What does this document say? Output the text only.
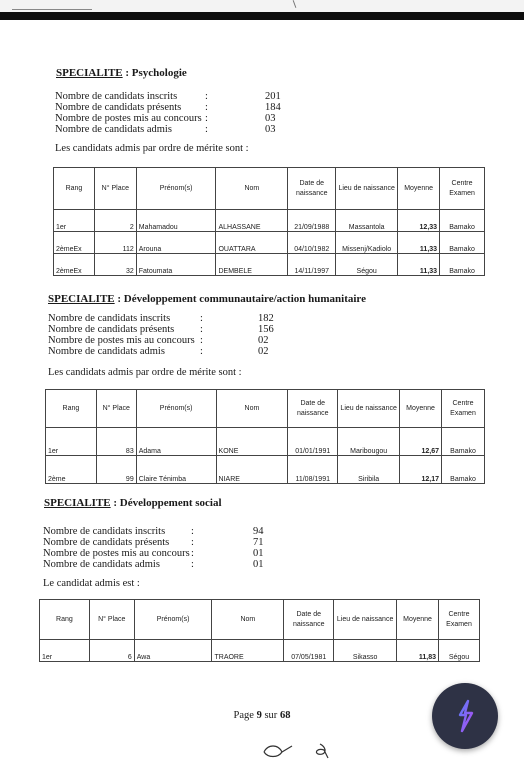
SPECIALITE : Psychologie
Nombre de candidats inscrits	:	201
Nombre de candidats présents :	184
Nombre de postes mis au concours :	03
Nombre de candidats admis	:	03
Les candidats admis par ordre de mérite sont :
Rang	N° Place	Prénom(s)	Nom	Date de naissance	Lieu de naissance	Moyenne	Centre Examen
1er	2	Mahamadou	ALHASSANE	21/09/1988	Massantola	12,33	Bamako
2èmeEx	112	Arouna	OUATTARA	04/10/1982	Missenj/Kadiolo	11,33	Bamako
2èmeEx	32	Fatoumata	DEMBELE	14/11/1997	Ségou	11,33	Bamako
SPECIALITE : Développement communautaire/action humanitaire
Nombre de candidats inscrits	:	182
Nombre de candidats présents :	156
Nombre de postes mis au concours :	02
Nombre de candidats admis	:	02
Les candidats admis par ordre de mérite sont :
Rang	N° Place	Prénom(s)	Nom	Date de naissance	Lieu de naissance	Moyenne	Centre Examen
1er	83	Adama	KONE	01/01/1991	Maribougou	12,67	Bamako
2ème	99	Claire Ténimba	NIARE	11/08/1991	Siribila	12,17	Bamako
SPECIALITE : Développement social
Nombre de candidats inscrits :	94
Nombre de candidats présents :	71
Nombre de postes mis au concours :	01
Nombre de candidats admis	:	01
Le candidat admis est :
Rang	N° Place	Prénom(s)	Nom	Date de naissance	Lieu de naissance	Moyenne	Centre Examen
1er	6	Awa	TRAORE	07/05/1981	Sikasso	11,83	Ségou
Page 9 sur 68
